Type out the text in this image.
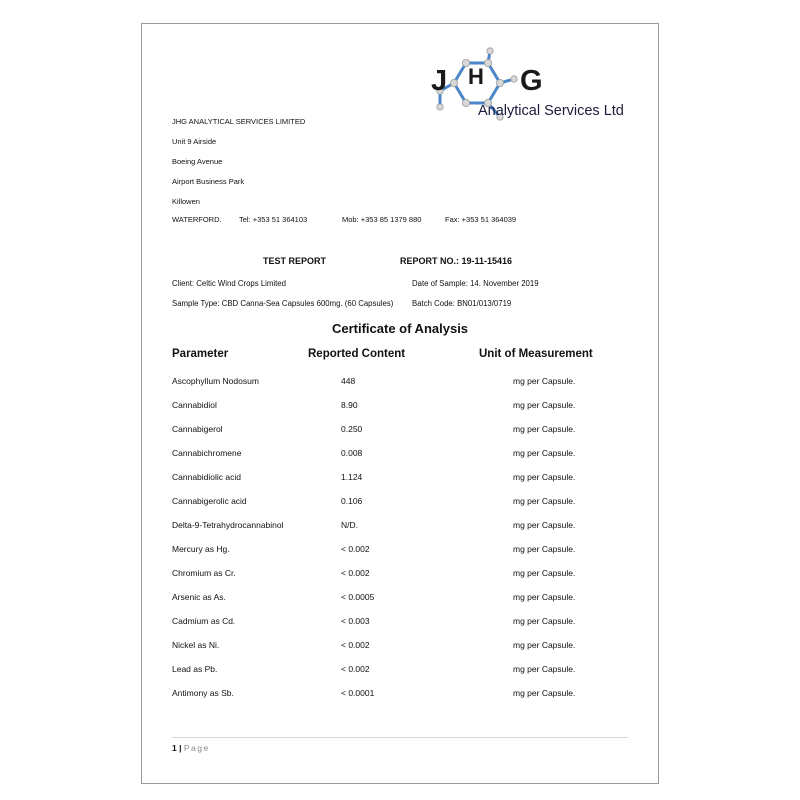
J H G
Analytical Services Ltd
JHG ANALYTICAL SERVICES LIMITED
Unit 9 Airside
Boeing Avenue
Airport Business Park
Killowen
WATERFORD. Tel: +353 51 364103	Mob: +353 85 1379 880	Fax: +353 51 364039
TEST REPORT	REPORT NO.: 19-11-15416
Client: Celtic Wind Crops Limited	Date of Sample: 14. November 2019
Sample Type: CBD Canna-Sea Capsules 600mg. (60 Capsules) Batch Code: BN01/013/0719
Certificate of Analysis
Parameter	Reported Content	Unit of Measurement
Ascophyllum Nodosum	448	mg per Capsule.
Cannabidiol	8.90	mg per Capsule.
Cannabigerol	0.250	mg per Capsule.
Cannabichromene	0.008	mg per Capsule.
Cannabidiolic acid	1.124	mg per Capsule.
Cannabigerolic acid	0.106	mg per Capsule.
Delta-9-Tetrahydrocannabinol	N/D.	mg per Capsule.
Mercury as Hg.	< 0.002	mg per Capsule.
Chromium as Cr.	< 0.002	mg per Capsule.
Arsenic as As.	< 0.0005	mg per Capsule.
Cadmium as Cd.	< 0.003	mg per Capsule.
Nickel as Ni.	< 0.002	mg per Capsule.
Lead as Pb.	< 0.002	mg per Capsule.
Antimony as Sb.	< 0.0001	mg per Capsule.
1 | Page
